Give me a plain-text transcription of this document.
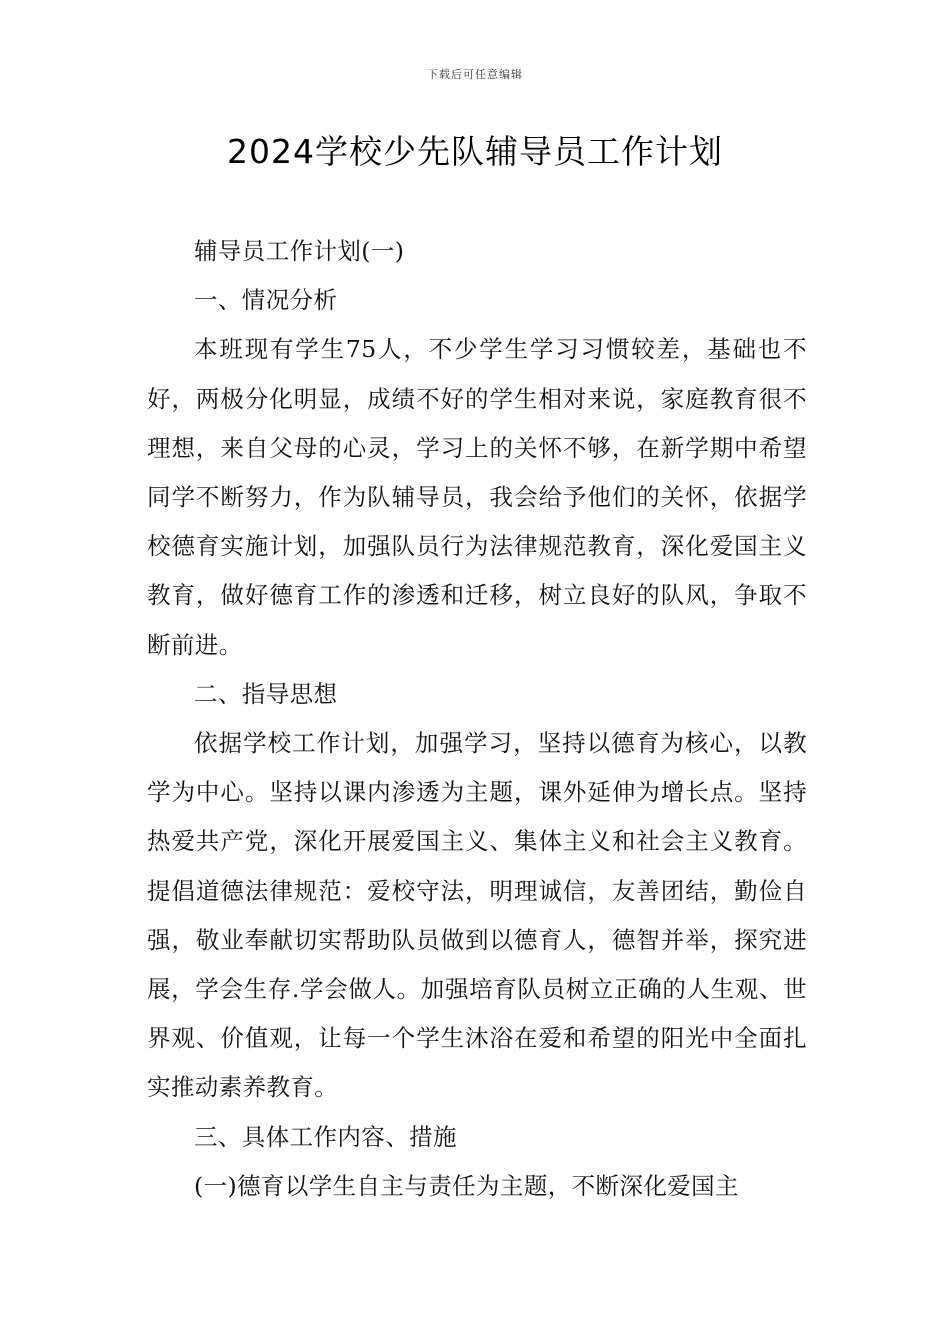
下载后可任意编辑
2024学校少先队辅导员工作计划

辅导员工作计划(一)

一、情况分析

本班现有学生75人，不少学生学习习惯较差，基础也不好，两极分化明显，成绩不好的学生相对来说，家庭教育很不理想，来自父母的心灵，学习上的关怀不够，在新学期中希望同学不断努力，作为队辅导员，我会给予他们的关怀，依据学校德育实施计划，加强队员行为法律规范教育，深化爱国主义教育，做好德育工作的渗透和迁移，树立良好的队风，争取不断前进。

二、指导思想

依据学校工作计划，加强学习，坚持以德育为核心，以教学为中心。坚持以课内渗透为主题，课外延伸为增长点。坚持热爱共产党，深化开展爱国主义、集体主义和社会主义教育。提倡道德法律规范：爱校守法，明理诚信，友善团结，勤俭自强，敬业奉献切实帮助队员做到以德育人，德智并举，探究进展，学会生存.学会做人。加强培育队员树立正确的人生观、世界观、价值观，让每一个学生沐浴在爱和希望的阳光中全面扎实推动素养教育。

三、具体工作内容、措施

(一)德育以学生自主与责任为主题，不断深化爱国主
